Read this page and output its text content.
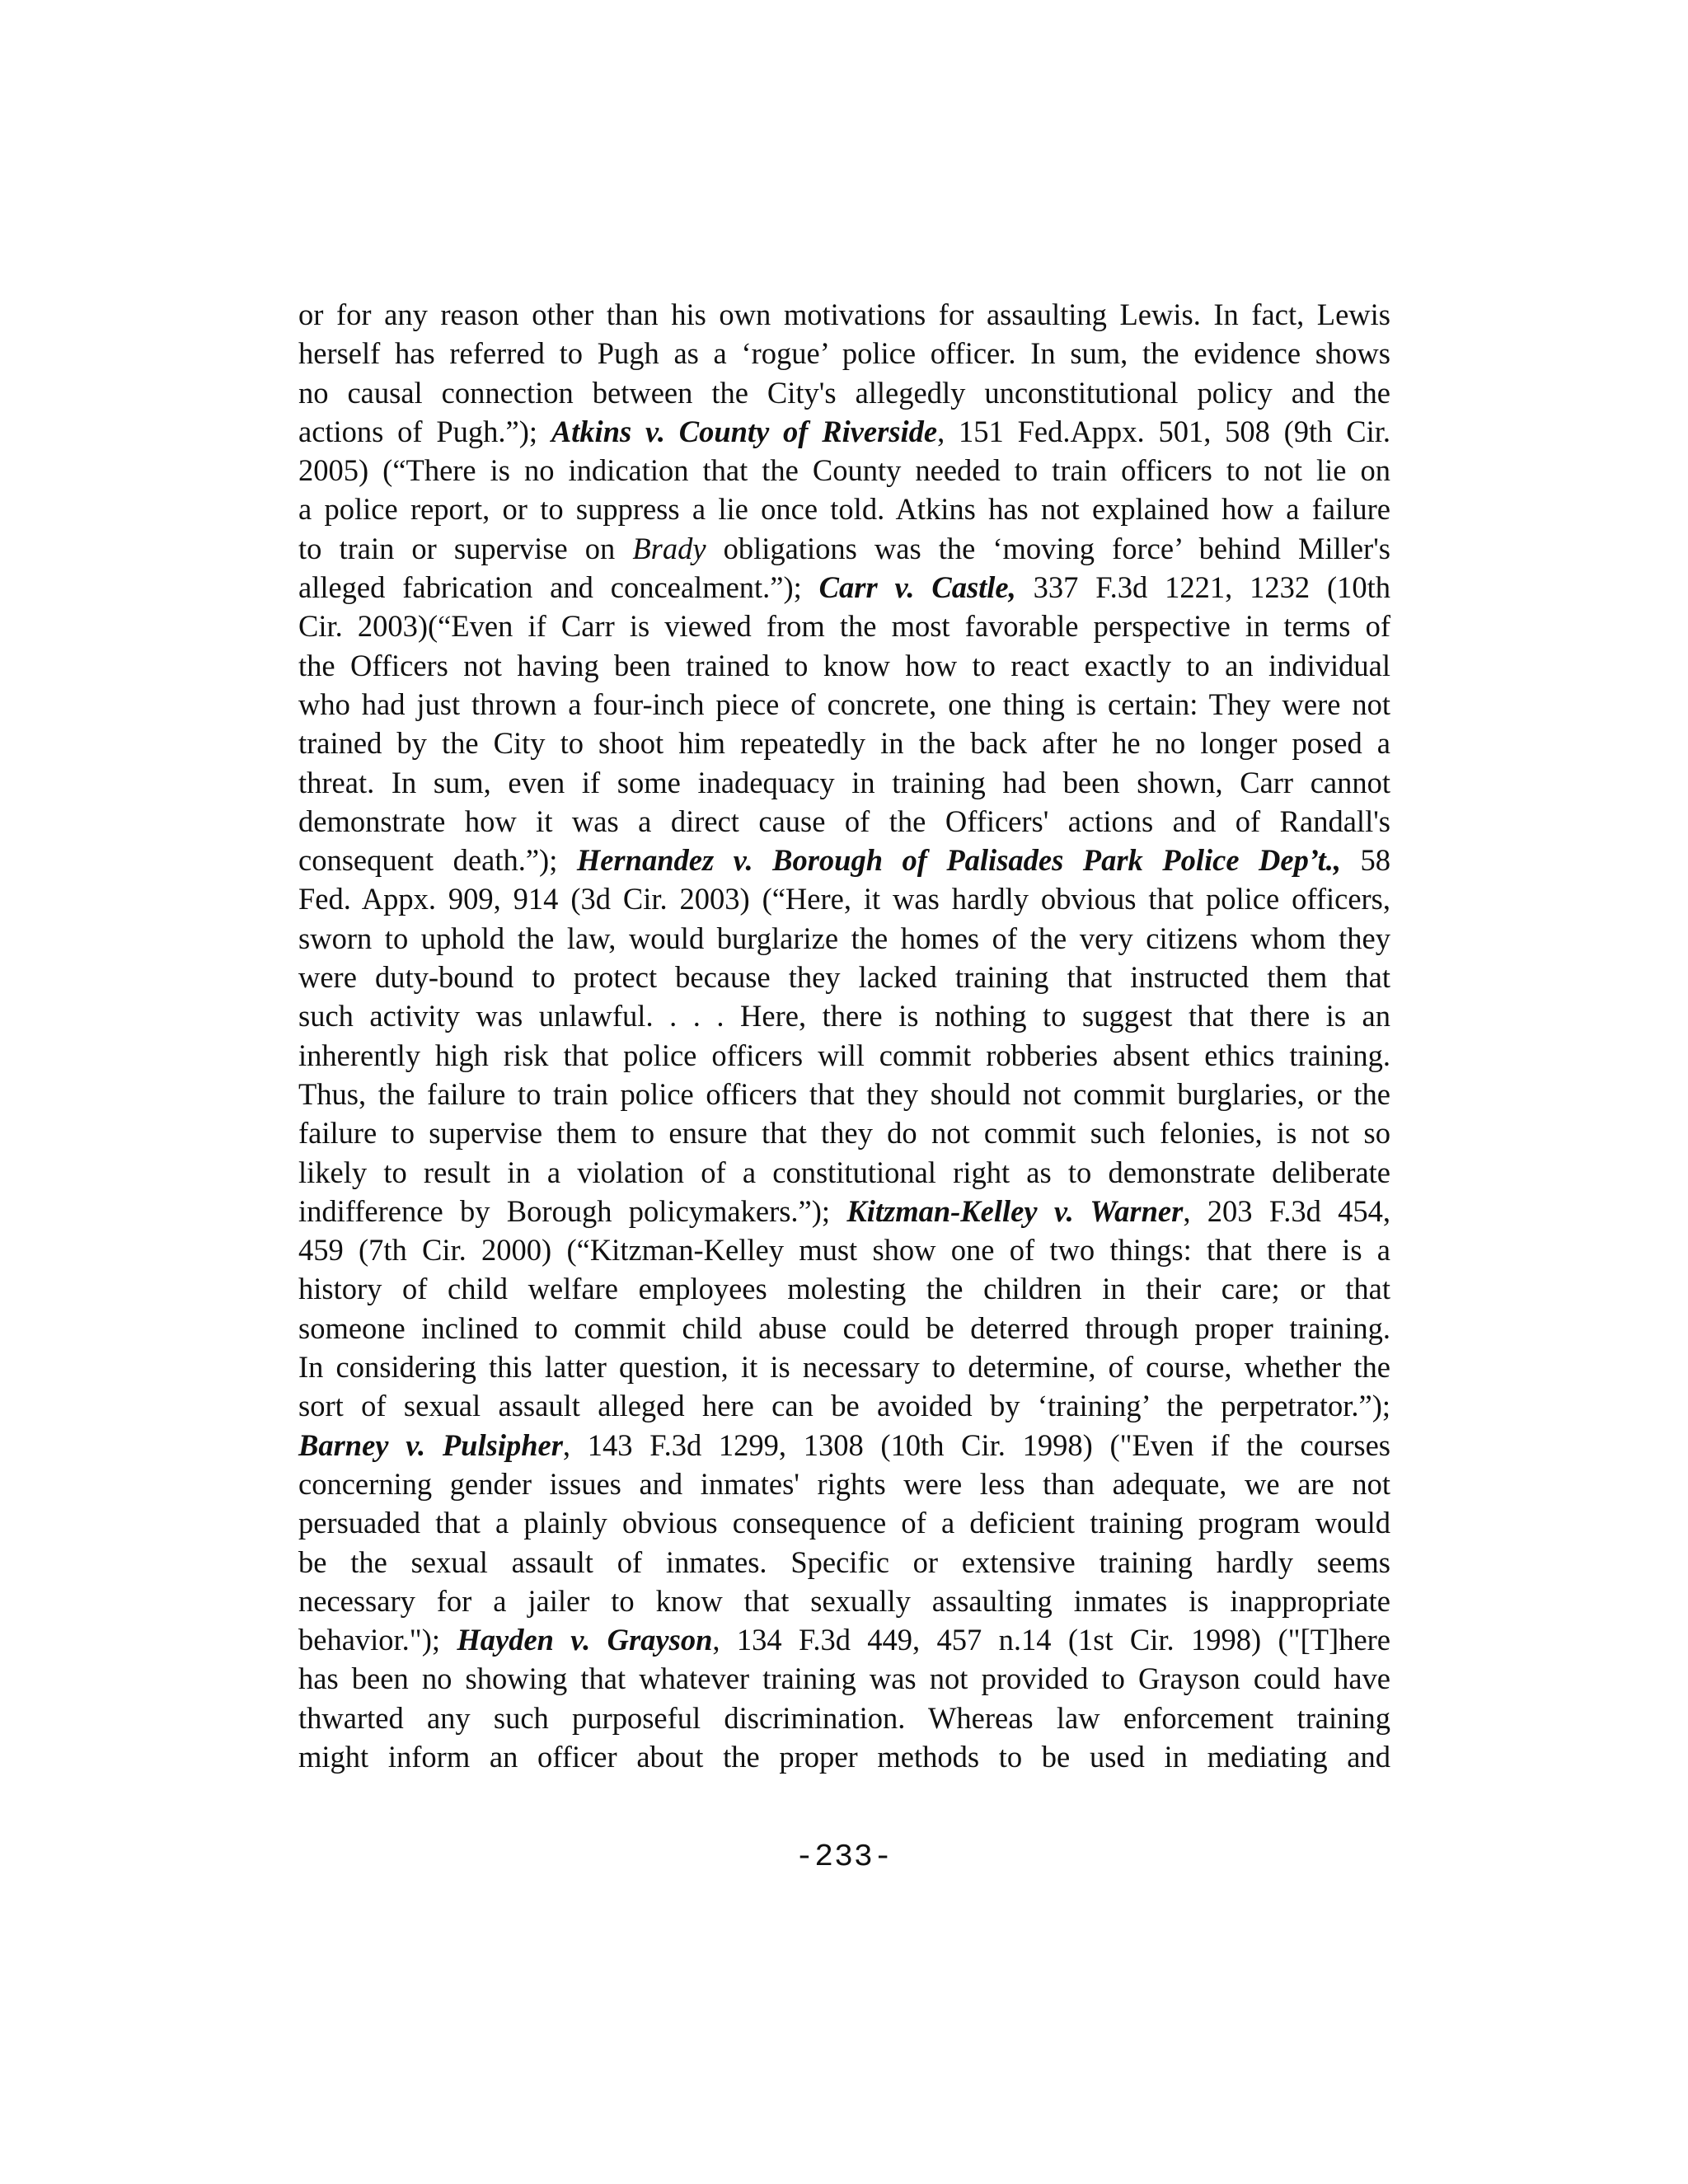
or for any reason other than his own motivations for assaulting Lewis. In fact, Lewis
herself has referred to Pugh as a ‘rogue’ police officer. In sum, the evidence shows
no causal connection between the City's allegedly unconstitutional policy and the
actions of Pugh.”); Atkins v. County of Riverside, 151 Fed.Appx. 501, 508 (9th Cir.
2005) (“There is no indication that the County needed to train officers to not lie on
a police report, or to suppress a lie once told. Atkins has not explained how a failure
to train or supervise on Brady obligations was the ‘moving force’ behind Miller's
alleged fabrication and concealment.”); Carr v. Castle, 337 F.3d 1221, 1232 (10th
Cir. 2003)(“Even if Carr is viewed from the most favorable perspective in terms of
the Officers not having been trained to know how to react exactly to an individual
who had just thrown a four-inch piece of concrete, one thing is certain: They were not
trained by the City to shoot him repeatedly in the back after he no longer posed a
threat. In sum, even if some inadequacy in training had been shown, Carr cannot
demonstrate how it was a direct cause of the Officers' actions and of Randall's
consequent death.”); Hernandez v. Borough of Palisades Park Police Dep’t., 58
Fed. Appx. 909, 914 (3d Cir. 2003) (“Here, it was hardly obvious that police officers,
sworn to uphold the law, would burglarize the homes of the very citizens whom they
were duty-bound to protect because they lacked training that instructed them that
such activity was unlawful. . . . Here, there is nothing to suggest that there is an
inherently high risk that police officers will commit robberies absent ethics training.
Thus, the failure to train police officers that they should not commit burglaries, or the
failure to supervise them to ensure that they do not commit such felonies, is not so
likely to result in a violation of a constitutional right as to demonstrate deliberate
indifference by Borough policymakers.”); Kitzman-Kelley v. Warner, 203 F.3d 454,
459 (7th Cir. 2000) (“Kitzman-Kelley must show one of two things: that there is a
history of child welfare employees molesting the children in their care; or that
someone inclined to commit child abuse could be deterred through proper training.
In considering this latter question, it is necessary to determine, of course, whether the
sort of sexual assault alleged here can be avoided by ‘training’ the perpetrator.”);
Barney v. Pulsipher, 143 F.3d 1299, 1308 (10th Cir. 1998) ("Even if the courses
concerning gender issues and inmates' rights were less than adequate, we are not
persuaded that a plainly obvious consequence of a deficient training program would
be the sexual assault of inmates. Specific or extensive training hardly seems
necessary for a jailer to know that sexually assaulting inmates is inappropriate
behavior."); Hayden v. Grayson, 134 F.3d 449, 457 n.14 (1st Cir. 1998) ("[T]here
has been no showing that whatever training was not provided to Grayson could have
thwarted any such purposeful discrimination. Whereas law enforcement training
might inform an officer about the proper methods to be used in mediating and
-233-
